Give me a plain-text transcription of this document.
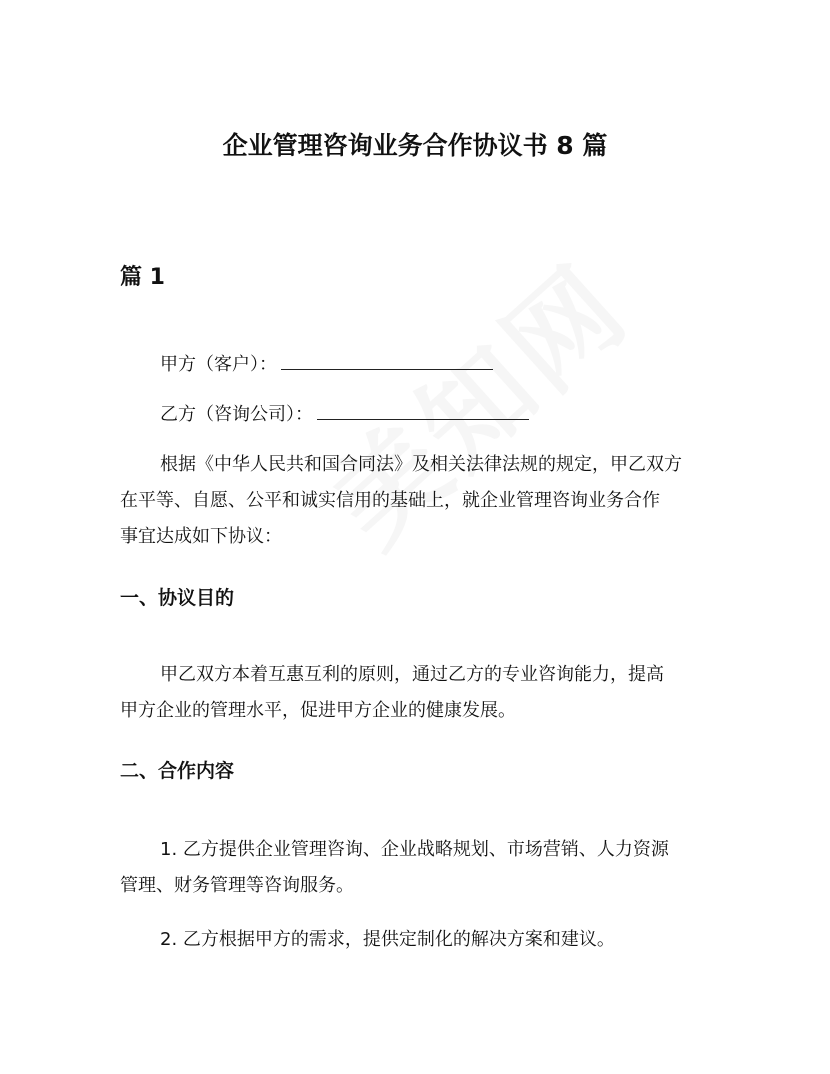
企业管理咨询业务合作协议书 8 篇
篇 1
甲方（客户）：
乙方（咨询公司）：
根据《中华人民共和国合同法》及相关法律法规的规定，甲乙双方
在平等、自愿、公平和诚实信用的基础上，就企业管理咨询业务合作
事宜达成如下协议：
一、协议目的
甲乙双方本着互惠互利的原则，通过乙方的专业咨询能力，提高
甲方企业的管理水平，促进甲方企业的健康发展。
二、合作内容
1. 乙方提供企业管理咨询、企业战略规划、市场营销、人力资源
管理、财务管理等咨询服务。
2. 乙方根据甲方的需求，提供定制化的解决方案和建议。
